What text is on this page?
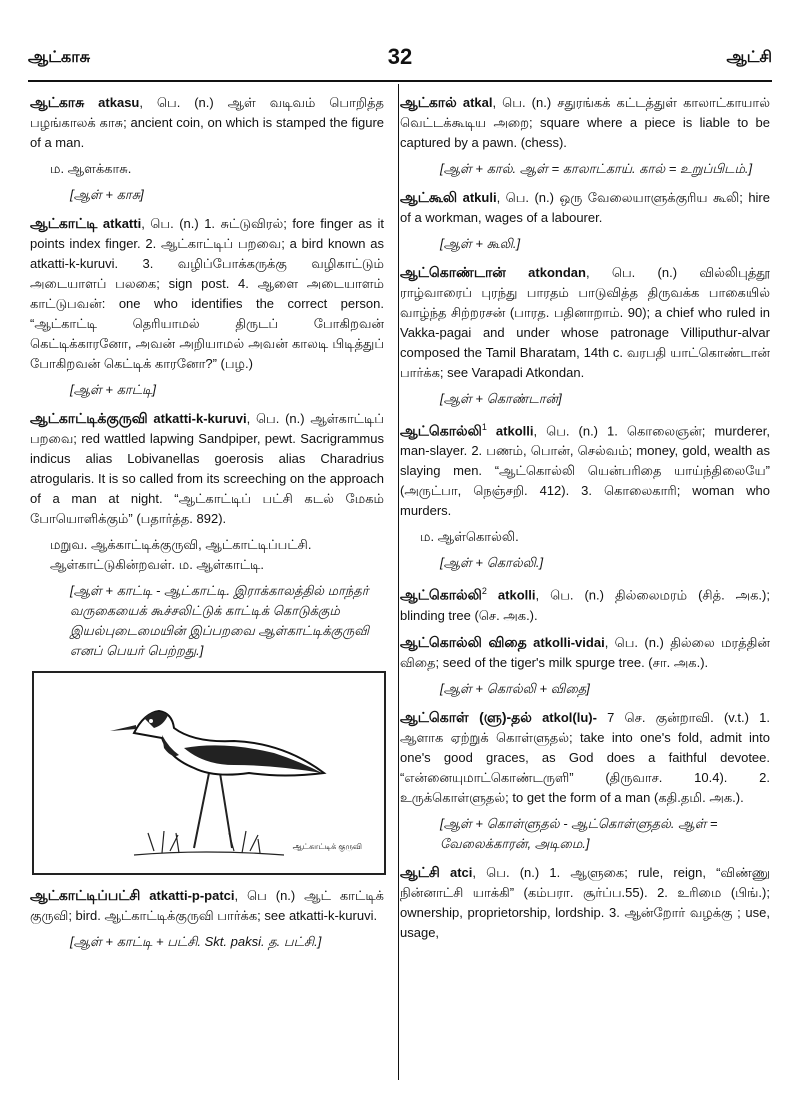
ஆட்காசு	32	ஆட்சி
ஆட்காசு atkasu, பெ. (n.) ஆள் வடிவம் பொறித்த பழங்காலக் காசு; ancient coin, on which is stamped the figure of a man.
ம. ஆளக்காசு.
[ஆள் + காசு]
ஆட்காட்டி atkatti, பெ. (n.) 1. சுட்டுவிரல்; fore finger as it points index finger. 2. ஆட்காட்டிப் பறவை; a bird known as atkatti-k-kuruvi. 3. வழிப்போக்கருக்கு வழிகாட்டும் அடையாளப் பலகை; sign post. 4. ஆளை அடையாளம் காட்டுபவன்: one who identifies the correct person. “ஆட்காட்டி தெரியாமல் திருடப் போகிறவன் கெட்டிக்காரனோ, அவன் அறியாமல் அவன் காலடி பிடித்துப் போகிறவன் கெட்டிக் காரனோ?” (பழ.)
[ஆள் + காட்டி]
ஆட்காட்டிக்குருவி atkatti-k-kuruvi, பெ. (n.) ஆள்காட்டிப் பறவை; red wattled lapwing Sandpiper, pewt. Sacrigrammus indicus alias Lobivanellas goerosis alias Charadrius atrogularis. It is so called from its screeching on the approach of a man at night. “ஆட்காட்டிப் பட்சி கடல் மேகம் போயொளிக்கும்” (பதார்த்த. 892).
மறுவ. ஆக்காட்டிக்குருவி, ஆட்காட்டிப்பட்சி. ஆள்காட்டுகின்றவள். ம. ஆள்காட்டி.
[ஆள் + காட்டி - ஆட்காட்டி. இராக்காலத்தில் மாந்தர் வருகையைக் கூச்சலிட்டுக் காட்டிக் கொடுக்கும் இயல்புடைமையின் இப்பறவை ஆள்காட்டிக்குருவி எனப் பெயர் பெற்றது.]
ஆட்காட்டிக் குருவி
ஆட்காட்டிப்பட்சி atkatti-p-patci, பெ (n.) ஆட் காட்டிக் குருவி; bird. ஆட்காட்டிக்குருவி பார்க்க; see atkatti-k-kuruvi.
[ஆள் + காட்டி + பட்சி. Skt. paksi. த. பட்சி.]
ஆட்கால் atkal, பெ. (n.) சதுரங்கக் கட்டத்துள் காலாட்காயால் வெட்டக்கூடிய அறை; square where a piece is liable to be captured by a pawn. (chess).
[ஆள் + கால். ஆள் = காலாட்காய். கால் = உறுப்பிடம்.]
ஆட்கூலி atkuli, பெ. (n.) ஒரு வேலையாளுக்குரிய கூலி; hire of a workman, wages of a labourer.
[ஆள் + கூலி.]
ஆட்கொண்டான் atkondan, பெ. (n.) வில்லிபுத்தூ ராழ்வாரைப் புரந்து பாரதம் பாடுவித்த திருவக்க பாகையில் வாழ்ந்த சிற்றரசன் (பாரத. பதினாறாம். 90); a chief who ruled in Vakka-pagai and under whose patronage Villiputhur-alvar composed the Tamil Bharatam, 14th c. வரபதி யாட்கொண்டான் பார்க்க; see Varapadi Atkondan.
[ஆள் + கொண்டான்]
ஆட்கொல்லி$^1$ atkolli, பெ. (n.) 1. கொலைஞன்; murderer, man-slayer. 2. பணம், பொன், செல்வம்; money, gold, wealth as slaying men. “ஆட்கொல்லி யென்பரிதை யாய்ந்திலையே” (அருட்பா, நெஞ்சறி. 412). 3. கொலைகாரி; woman who murders.
ம. ஆள்கொல்லி.
[ஆள் + கொல்லி.]
ஆட்கொல்லி$^2$ atkolli, பெ. (n.) தில்லைமரம் (சித். அக.); blinding tree (செ. அக.).
ஆட்கொல்லி விதை atkolli-vidai, பெ. (n.) தில்லை மரத்தின் விதை; seed of the tiger's milk spurge tree. (சா. அக.).
[ஆள் + கொல்லி + விதை]
ஆட்கொள் (ளு)-தல் atkol(lu)- 7 செ. குன்றாவி. (v.t.) 1. ஆளாக ஏற்றுக் கொள்ளுதல்; take into one's fold, admit into one's good graces, as God does a faithful devotee. “என்னையுமாட்கொண்டருளி” (திருவாச. 10.4). 2. உருக்கொள்ளுதல்; to get the form of a man (கதி.தமி. அக.).
[ஆள் + கொள்ளுதல் - ஆட்கொள்ளுதல். ஆள் = வேலைக்காரன், அடிமை.]
ஆட்சி atci, பெ. (n.) 1. ஆளுகை; rule, reign, “விண்ணு நின்னாட்சி யாக்கி” (கம்பரா. சூர்ப்ப.55). 2. உரிமை (பிங்.); ownership, proprietorship, lordship. 3. ஆன்றோர் வழக்கு ; use, usage,
